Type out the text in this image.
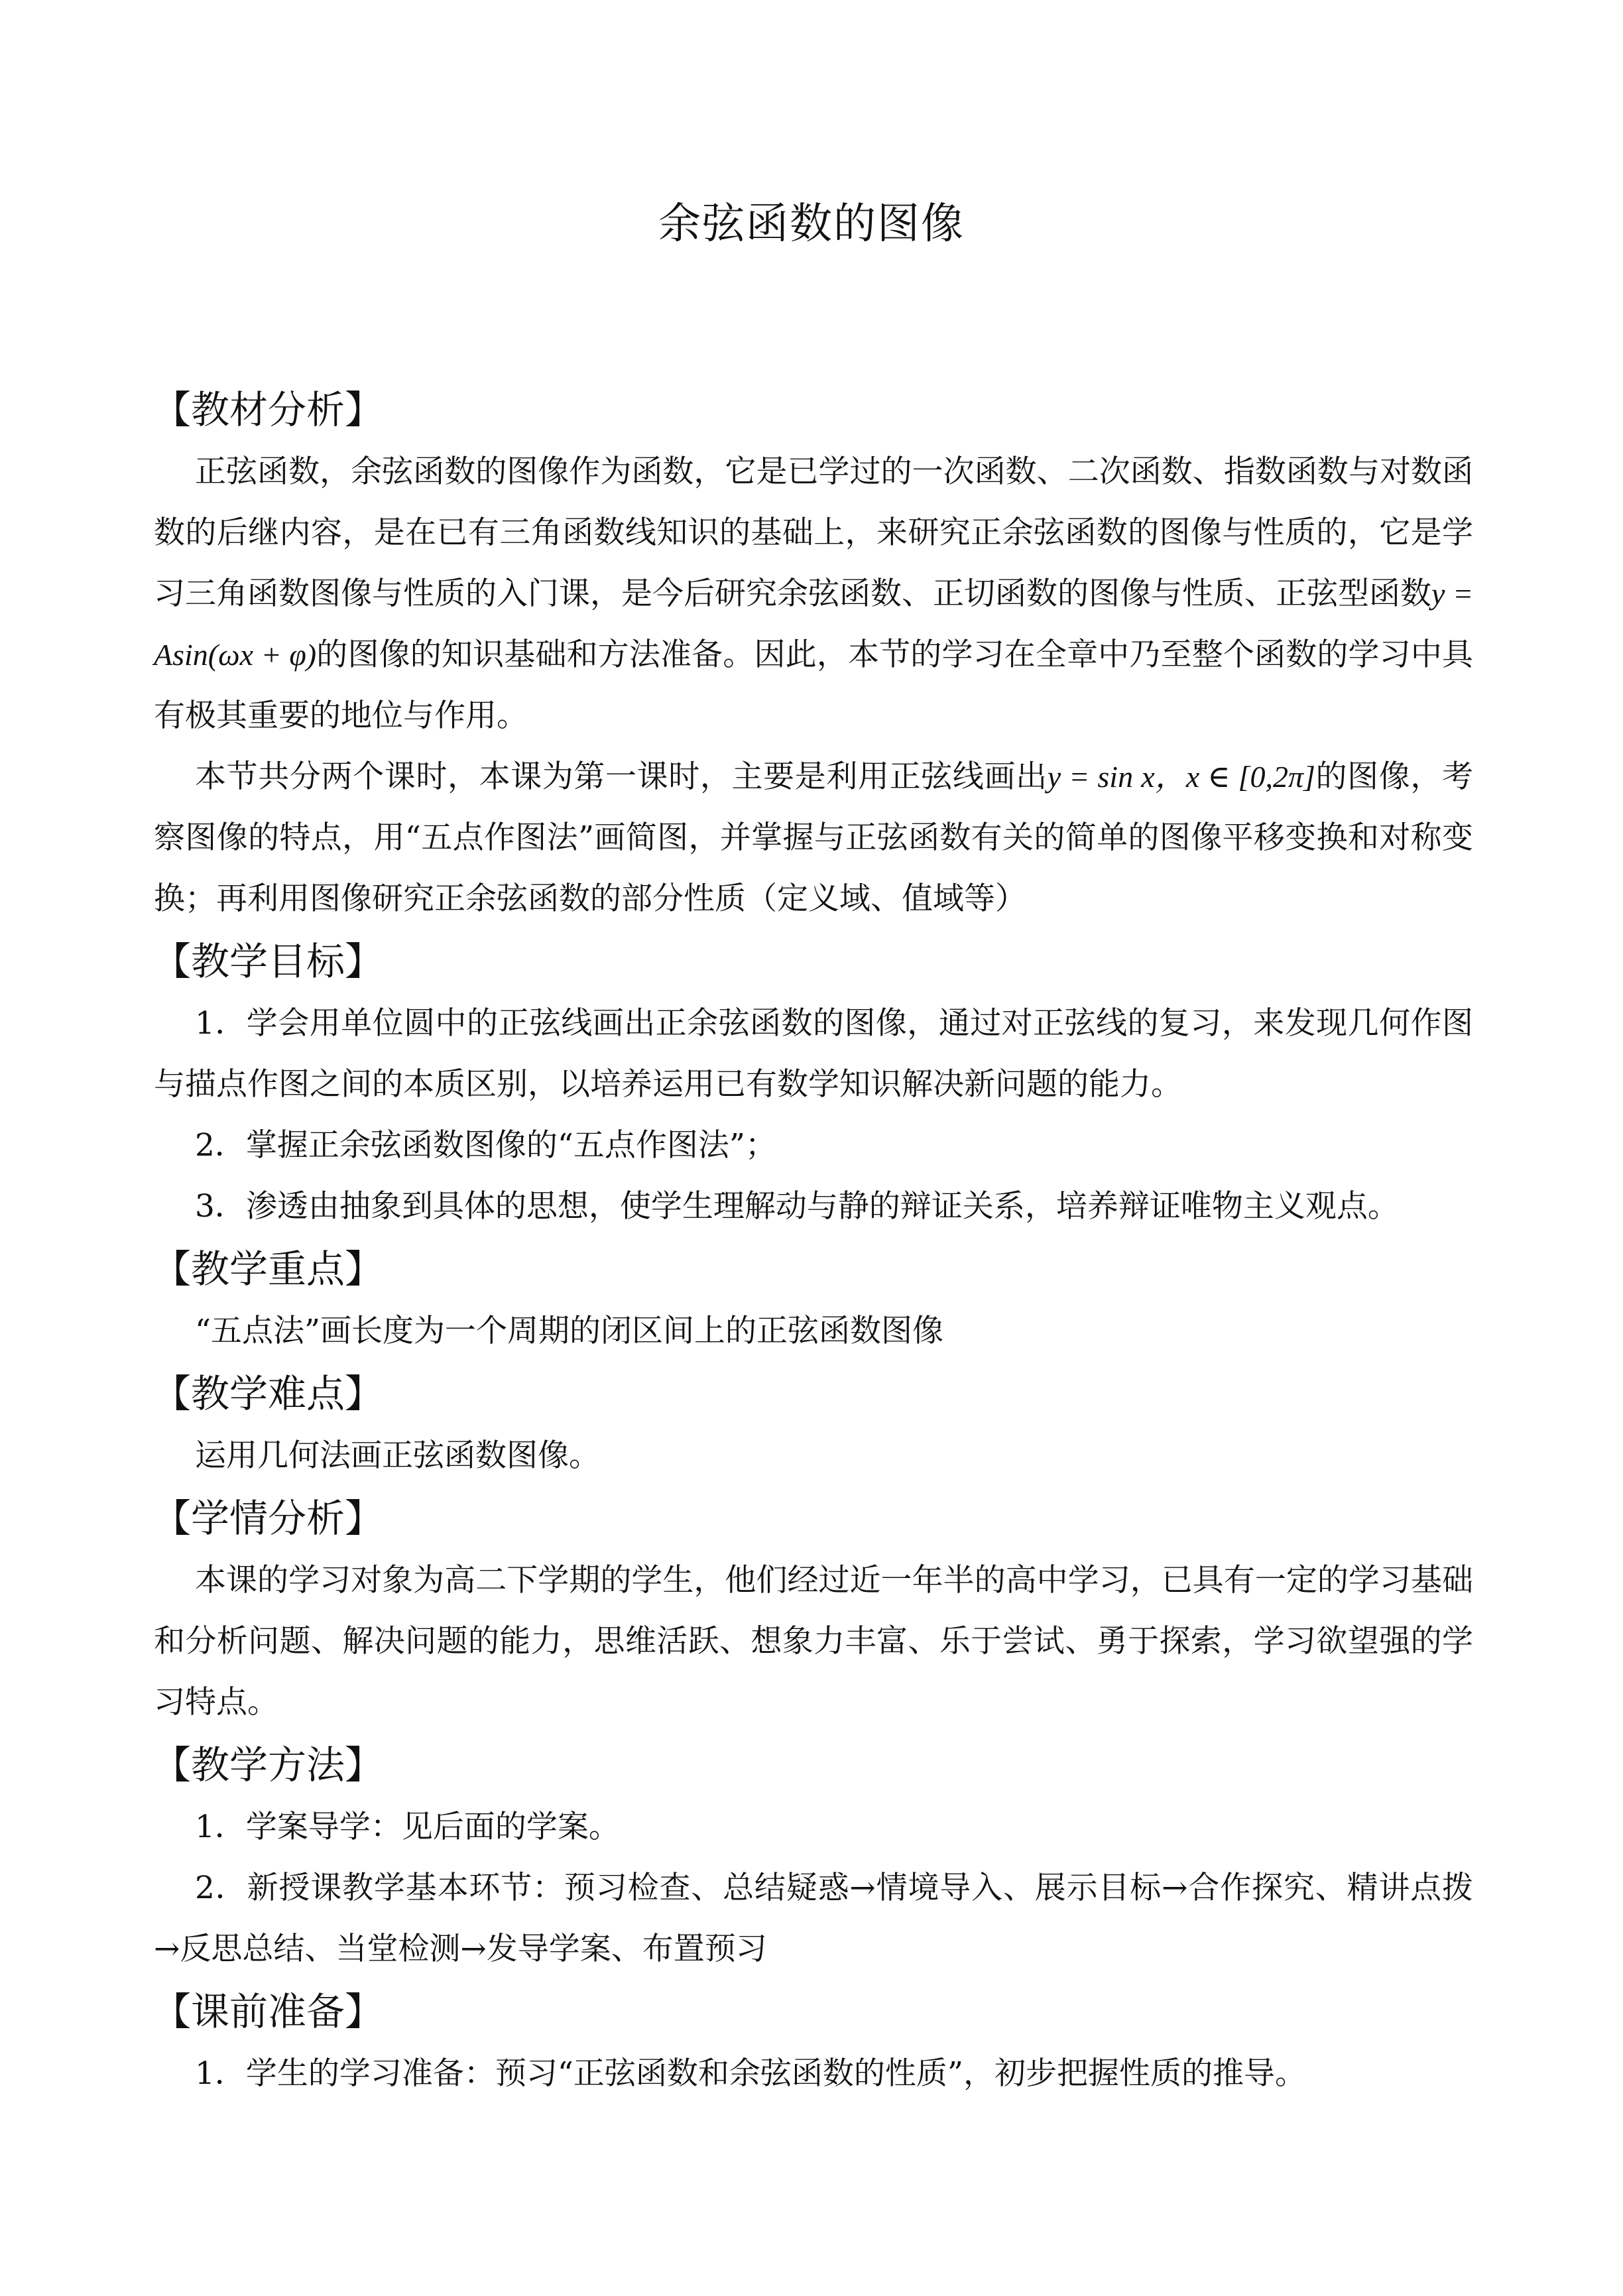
余弦函数的图像
【教材分析】

正弦函数，余弦函数的图像作为函数，它是已学过的一次函数、二次函数、指数函数与对数函数的后继内容，是在已有三角函数线知识的基础上，来研究正余弦函数的图像与性质的，它是学习三角函数图像与性质的入门课，是今后研究余弦函数、正切函数的图像与性质、正弦型函数y = Asin(ωx + φ)的图像的知识基础和方法准备。因此，本节的学习在全章中乃至整个函数的学习中具有极其重要的地位与作用。

本节共分两个课时，本课为第一课时，主要是利用正弦线画出y = sin x，x ∈ [0,2π]的图像，考察图像的特点，用“五点作图法”画简图，并掌握与正弦函数有关的简单的图像平移变换和对称变换；再利用图像研究正余弦函数的部分性质（定义域、值域等）

【教学目标】

1．学会用单位圆中的正弦线画出正余弦函数的图像，通过对正弦线的复习，来发现几何作图与描点作图之间的本质区别，以培养运用已有数学知识解决新问题的能力。

2．掌握正余弦函数图像的“五点作图法”；

3．渗透由抽象到具体的思想，使学生理解动与静的辩证关系，培养辩证唯物主义观点。

【教学重点】

“五点法”画长度为一个周期的闭区间上的正弦函数图像

【教学难点】

运用几何法画正弦函数图像。

【学情分析】

本课的学习对象为高二下学期的学生，他们经过近一年半的高中学习，已具有一定的学习基础和分析问题、解决问题的能力，思维活跃、想象力丰富、乐于尝试、勇于探索，学习欲望强的学习特点。

【教学方法】

1．学案导学：见后面的学案。

2．新授课教学基本环节：预习检查、总结疑惑→情境导入、展示目标→合作探究、精讲点拨→反思总结、当堂检测→发导学案、布置预习

【课前准备】

1．学生的学习准备：预习“正弦函数和余弦函数的性质”，初步把握性质的推导。
